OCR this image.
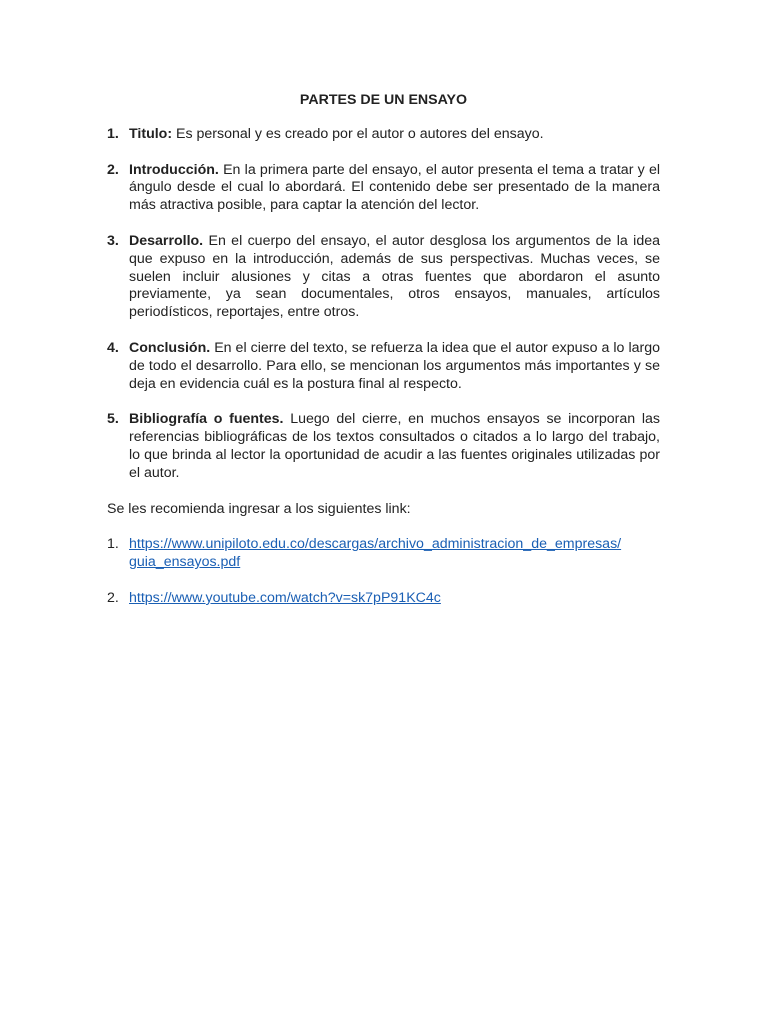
PARTES DE UN ENSAYO
1. Titulo: Es personal y es creado por el autor o autores del ensayo.
2. Introducción. En la primera parte del ensayo, el autor presenta el tema a tratar y el ángulo desde el cual lo abordará. El contenido debe ser presentado de la manera más atractiva posible, para captar la atención del lector.
3. Desarrollo. En el cuerpo del ensayo, el autor desglosa los argumentos de la idea que expuso en la introducción, además de sus perspectivas. Muchas veces, se suelen incluir alusiones y citas a otras fuentes que abordaron el asunto previamente, ya sean documentales, otros ensayos, manuales, artículos periodísticos, reportajes, entre otros.
4. Conclusión. En el cierre del texto, se refuerza la idea que el autor expuso a lo largo de todo el desarrollo. Para ello, se mencionan los argumentos más importantes y se deja en evidencia cuál es la postura final al respecto.
5. Bibliografía o fuentes. Luego del cierre, en muchos ensayos se incorporan las referencias bibliográficas de los textos consultados o citados a lo largo del trabajo, lo que brinda al lector la oportunidad de acudir a las fuentes originales utilizadas por el autor.
Se les recomienda ingresar a los siguientes link:
1. https://www.unipiloto.edu.co/descargas/archivo_administracion_de_empresas/
guia_ensayos.pdf
2. https://www.youtube.com/watch?v=sk7pP91KC4c
